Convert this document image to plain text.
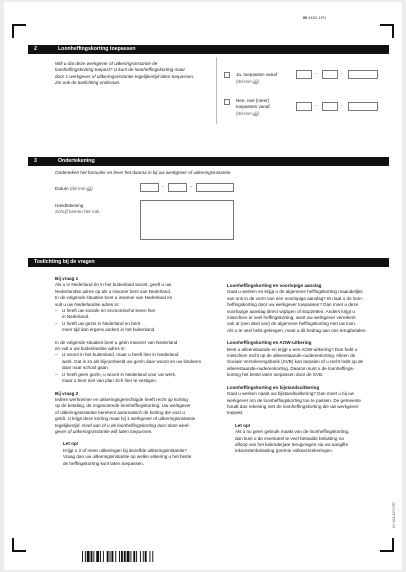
IB 449Z-1FD
2	Loonheffingskorting toepassen
Wilt u dat deze werkgever of uitkeringsinstantie de
loonheffingskorting toepast? U kunt de loonheffingskorting maar
door 1 werkgever of uitkeringsinstantie tegelijkertijd laten toepassen.
Zie ook de toelichting onderaan.
Ja, toepassen vanaf
(dd-mm-jjjj)
-	-
Nee, niet (meer)
toepassen vanaf
(dd-mm-jjjj)
-	-
3	Ondertekening
Onderteken het formulier en lever het daarna in bij uw werkgever of uitkeringsinstantie.
Datum (dd-mm-jjjj)	-	-
Handtekening
Schrijf binnen het vak.
Toelichting bij de vragen

Bij vraag 1

Als u in Nederland én in het buitenland woont, geeft u uw

Nederlandse adres op als u inwoner bent van Nederland.

In de volgende situaties bent u inwoner van Nederland en

vult u uw Nederlandse adres in:

– U heeft uw sociale en economische leven hier
in Nederland.
– U heeft uw gezin in Nederland en bent
meer tijd dan ergens anders in het buitenland.

In de volgende situaties bent u géén inwoner van Nederland

en vult u uw buitenlandse adres in:

– U woont in het buitenland, maar u heeft hier in Nederland
werk. Dat is zo als bijvoorbeeld uw gezin daar woont en uw kinderen
daar naar school gaan.
– U heeft geen gezin, u woont in Nederland voor uw werk,
maar u bent niet van plan zich hier te vestigen.

Bij vraag 2

Iedere werknemer en uitkeringsgerechtigde heeft recht op korting

op de betaling, de zogenoemde loonheffingskorting. Uw werkgever

of uitkeringsinstantie berekent automatisch de korting die voor u

geldt. U krijgt deze korting maar bij 1 werkgever of uitkeringsinstantie

tegelijkertijd. Geef aan of u de loonheffingskorting door deze werk-

gever of uitkeringsinstantie wilt laten toepassen.

Let op!

Krijgt u 2 of meer uitkeringen bij dezelfde uitkeringsinstantie?

Vraag dan uw uitkeringsinstantie op welke uitkering u het beste

de heffingskorting kunt laten toepassen.

Loonheffingskorting en voorlopige aanslag

Gaat u werken en krijgt u de algemene heffingskorting maandelijks

van ons in de vorm van een voorlopige aanslag? En laat u de loon-

heffingskorting door uw werkgever toepassen? Dan moet u deze

voorlopige aanslag direct wijzigen of stopzetten. Anders krijgt u

misschien te veel heffingskorting, want uw werkgever verrekent

ook al (een deel van) de algemene heffingskorting met uw loon.

Als u te veel hebt gekregen, moet u dit bedrag aan ons terugbetalen.

Loonheffingskorting en AOW-uitkering

Bent u alleenstaande en krijgt u een AOW-uitkering? Dan hebt u

misschien recht op de alleenstaande-ouderenkorting. Alleen de

Sociale Verzekeringsbank (SVB) kan bepalen of u recht hebt op de

alleenstaande-ouderenkorting. Daarom kunt u de loonheffings-

korting het beste laten toepassen door de SVB.

Loonheffingskorting en bijstandsuitkering

Gaat u werken naast uw bijstandsuitkering? Dan moet u bij uw

werkgever om de loonheffingskorting toe te passen. De gemeente

houdt dan rekening met de loonheffingskorting die uw werkgever

toepast.

Let op!

Als u nu geen gebruik maakt van de loonheffingskorting,

dan kunt u de eventueel te veel betaalde belasting na

afloop van het kalenderjaar terugvragen via uw aangifte

inkomstenbelasting (premie volksverzekeringen.

LH 046 1Z*2 FD
